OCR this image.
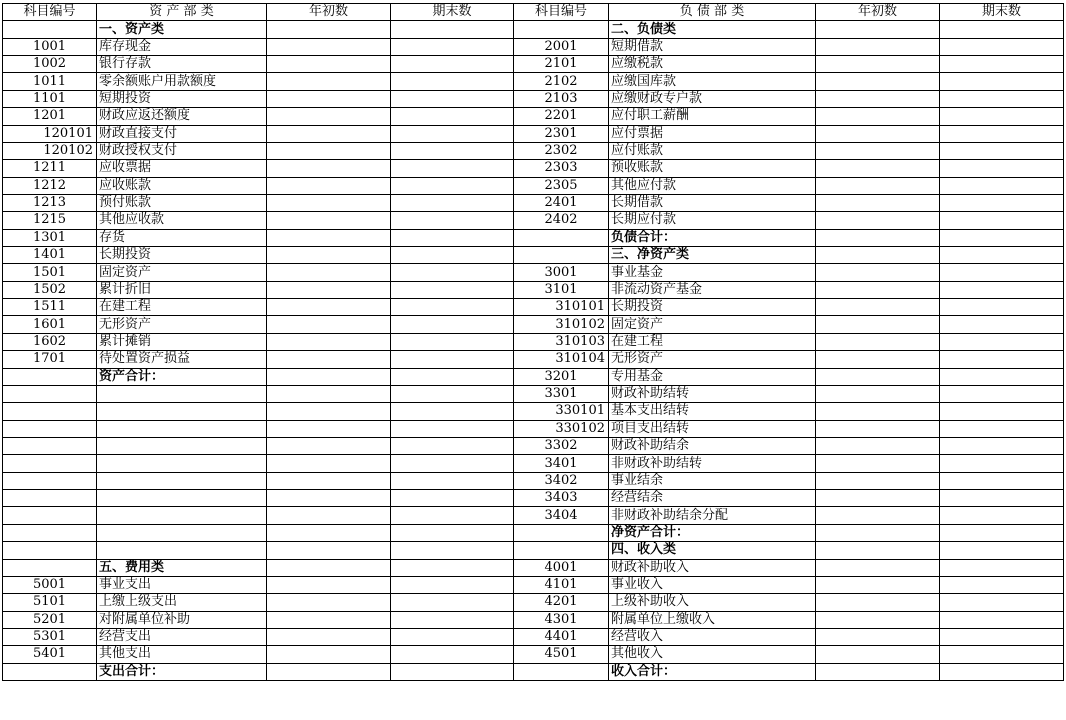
科目编号	资 产 部 类	年初数	期末数	科目编号	负 债 部 类	年初数	期末数
	一、资产类				二、负债类		
1001	库存现金			2001	短期借款		
1002	银行存款			2101	应缴税款		
1011	零余额账户用款额度			2102	应缴国库款		
1101	短期投资			2103	应缴财政专户款		
1201	财政应返还额度			2201	应付职工薪酬		
120101	财政直接支付			2301	应付票据		
120102	财政授权支付			2302	应付账款		
1211	应收票据			2303	预收账款		
1212	应收账款			2305	其他应付款		
1213	预付账款			2401	长期借款		
1215	其他应收款			2402	长期应付款		
1301	存货				负债合计：		
1401	长期投资				三、净资产类		
1501	固定资产			3001	事业基金		
1502	累计折旧			3101	非流动资产基金		
1511	在建工程			310101	长期投资		
1601	无形资产			310102	固定资产		
1602	累计摊销			310103	在建工程		
1701	待处置资产损益			310104	无形资产		
	资产合计：			3201	专用基金		
				3301	财政补助结转		
				330101	基本支出结转		
				330102	项目支出结转		
				3302	财政补助结余		
				3401	非财政补助结转		
				3402	事业结余		
				3403	经营结余		
				3404	非财政补助结余分配		
					净资产合计：		
					四、收入类		
	五、费用类			4001	财政补助收入		
5001	事业支出			4101	事业收入		
5101	上缴上级支出			4201	上级补助收入		
5201	对附属单位补助			4301	附属单位上缴收入		
5301	经营支出			4401	经营收入		
5401	其他支出			4501	其他收入		
	支出合计：				收入合计：		
